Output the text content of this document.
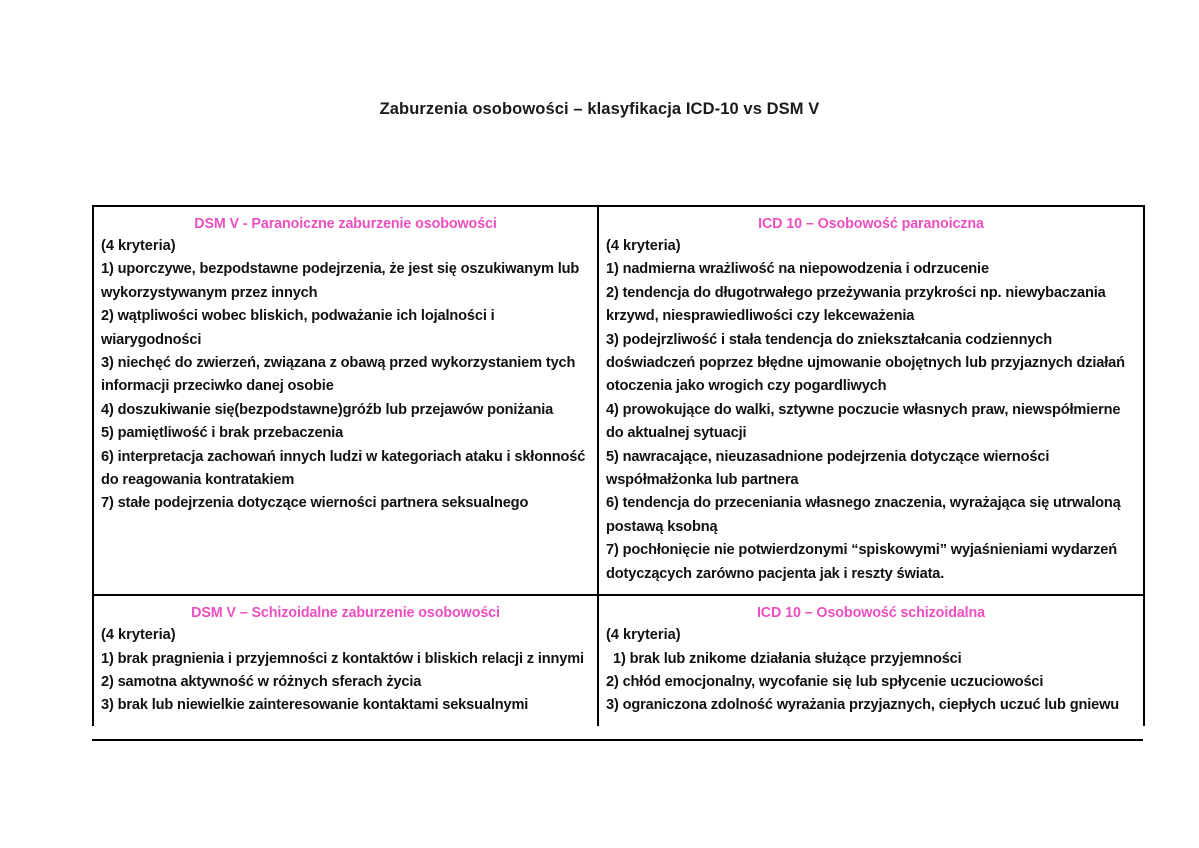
Zaburzenia osobowości – klasyfikacja ICD-10 vs DSM V
DSM V - Paranoiczne zaburzenie osobowości
(4 kryteria)
1) uporczywe, bezpodstawne podejrzenia, że jest się oszukiwanym lub wykorzystywanym przez innych
2) wątpliwości wobec bliskich, podważanie ich lojalności i wiarygodności
3) niechęć do zwierzeń, związana z obawą przed wykorzystaniem tych informacji przeciwko danej osobie
4) doszukiwanie się(bezpodstawne)gróźb lub przejawów poniżania
5) pamiętliwość i brak przebaczenia
6) interpretacja zachowań innych ludzi w kategoriach ataku i skłonność do reagowania kontratakiem
7) stałe podejrzenia dotyczące wierności partnera seksualnego

ICD 10 – Osobowość paranoiczna
(4 kryteria)
1) nadmierna wrażliwość na niepowodzenia i odrzucenie
2) tendencja do długotrwałego przeżywania przykrości np. niewybaczania krzywd, niesprawiedliwości czy lekceważenia
3) podejrzliwość i stała tendencja do zniekształcania codziennych doświadczeń poprzez błędne ujmowanie obojętnych lub przyjaznych działań otoczenia jako wrogich czy pogardliwych
4) prowokujące do walki, sztywne poczucie własnych praw, niewspółmierne do aktualnej sytuacji
5) nawracające, nieuzasadnione podejrzenia dotyczące wierności współmałżonka lub partnera
6) tendencja do przeceniania własnego znaczenia, wyrażająca się utrwaloną postawą ksobną
7) pochłonięcie nie potwierdzonymi “spiskowymi” wyjaśnieniami wydarzeń dotyczących zarówno pacjenta jak i reszty świata.

DSM V – Schizoidalne zaburzenie osobowości
(4 kryteria)
1) brak pragnienia i przyjemności z kontaktów i bliskich relacji z innymi
2) samotna aktywność w różnych sferach życia
3) brak lub niewielkie zainteresowanie kontaktami seksualnymi

ICD 10 – Osobowość schizoidalna
(4 kryteria)
1) brak lub znikome działania służące przyjemności
2) chłód emocjonalny, wycofanie się lub spłycenie uczuciowości
3) ograniczona zdolność wyrażania przyjaznych, ciepłych uczuć lub gniewu
